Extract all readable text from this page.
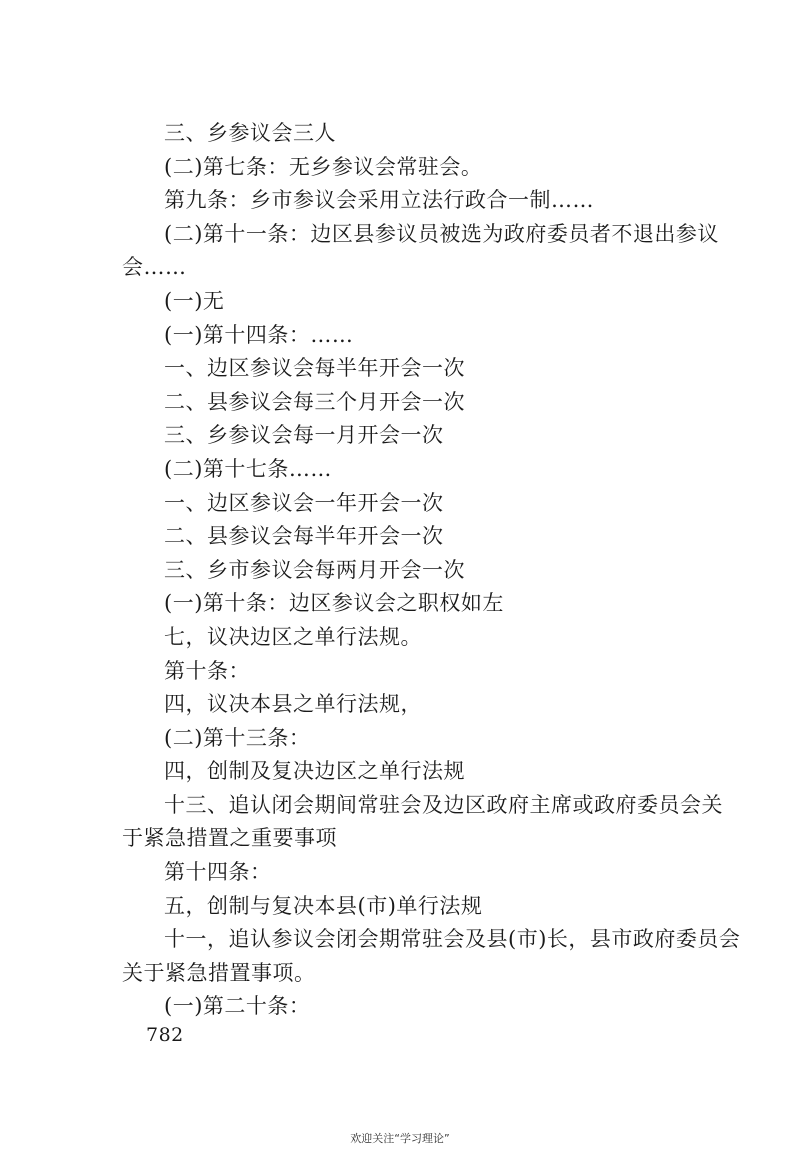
三、乡参议会三人
(二)第七条：无乡参议会常驻会。
第九条：乡市参议会采用立法行政合一制……
(二)第十一条：边区县参议员被选为政府委员者不退出参议
会……
(一)无
(一)第十四条：……
一、边区参议会每半年开会一次
二、县参议会每三个月开会一次
三、乡参议会每一月开会一次
(二)第十七条……
一、边区参议会一年开会一次
二、县参议会每半年开会一次
三、乡市参议会每两月开会一次
(一)第十条：边区参议会之职权如左
七，议决边区之单行法规。
第十条：
四，议决本县之单行法规，
(二)第十三条：
四，创制及复决边区之单行法规
十三、追认闭会期间常驻会及边区政府主席或政府委员会关
于紧急措置之重要事项
第十四条：
五，创制与复决本县(市)单行法规
十一，追认参议会闭会期常驻会及县(市)长，县市政府委员会
关于紧急措置事项。
(一)第二十条：
782
欢迎关注“学习理论”
